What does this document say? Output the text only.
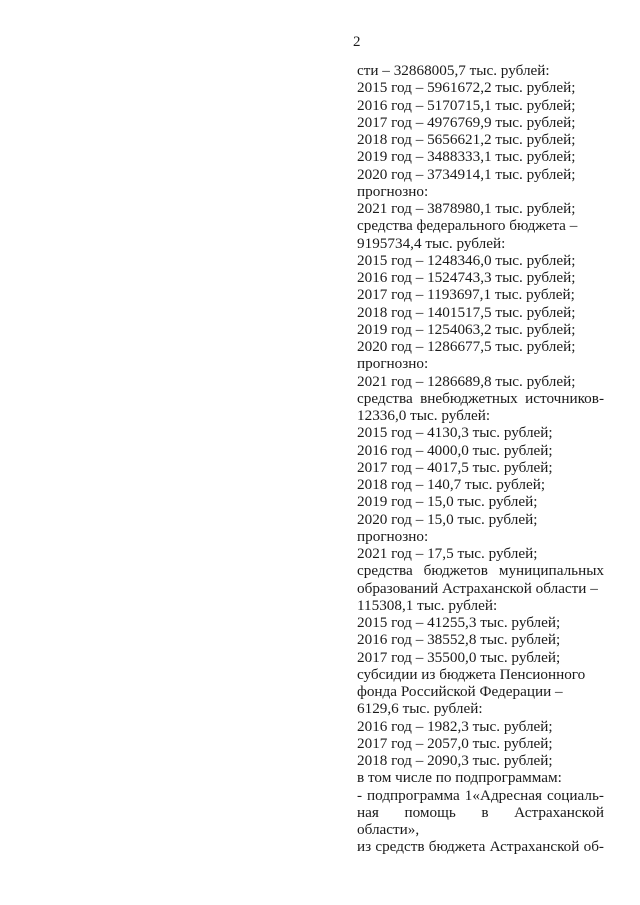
2
сти – 32868005,7 тыс. рублей:
2015 год – 5961672,2 тыс. рублей;
2016 год – 5170715,1 тыс. рублей;
2017 год – 4976769,9 тыс. рублей;
2018 год – 5656621,2 тыс. рублей;
2019 год – 3488333,1 тыс. рублей;
2020 год – 3734914,1 тыс. рублей;
прогнозно:
2021 год – 3878980,1 тыс. рублей;
средства федерального бюджета –
9195734,4 тыс. рублей:
2015 год – 1248346,0 тыс. рублей;
2016 год – 1524743,3 тыс. рублей;
2017 год – 1193697,1 тыс. рублей;
2018 год – 1401517,5 тыс. рублей;
2019 год – 1254063,2 тыс. рублей;
2020 год – 1286677,5 тыс. рублей;
прогнозно:
2021 год – 1286689,8 тыс. рублей;
средства внебюджетных источников-
12336,0 тыс. рублей:
2015 год – 4130,3 тыс. рублей;
2016 год – 4000,0 тыс. рублей;
2017 год – 4017,5 тыс. рублей;
2018 год – 140,7 тыс. рублей;
2019 год – 15,0 тыс. рублей;
2020 год – 15,0 тыс. рублей;
прогнозно:
2021 год – 17,5 тыс. рублей;
средства бюджетов муниципальных
образований Астраханской области –
115308,1 тыс. рублей:
2015 год – 41255,3 тыс. рублей;
2016 год – 38552,8 тыс. рублей;
2017 год – 35500,0 тыс. рублей;
субсидии из бюджета Пенсионного
фонда Российской Федерации –
6129,6 тыс. рублей:
2016 год – 1982,3 тыс. рублей;
2017 год – 2057,0 тыс. рублей;
2018 год – 2090,3 тыс. рублей;
в том числе по подпрограммам:
- подпрограмма 1«Адресная социаль-
ная помощь в Астраханской области»,
из средств бюджета Астраханской об-
